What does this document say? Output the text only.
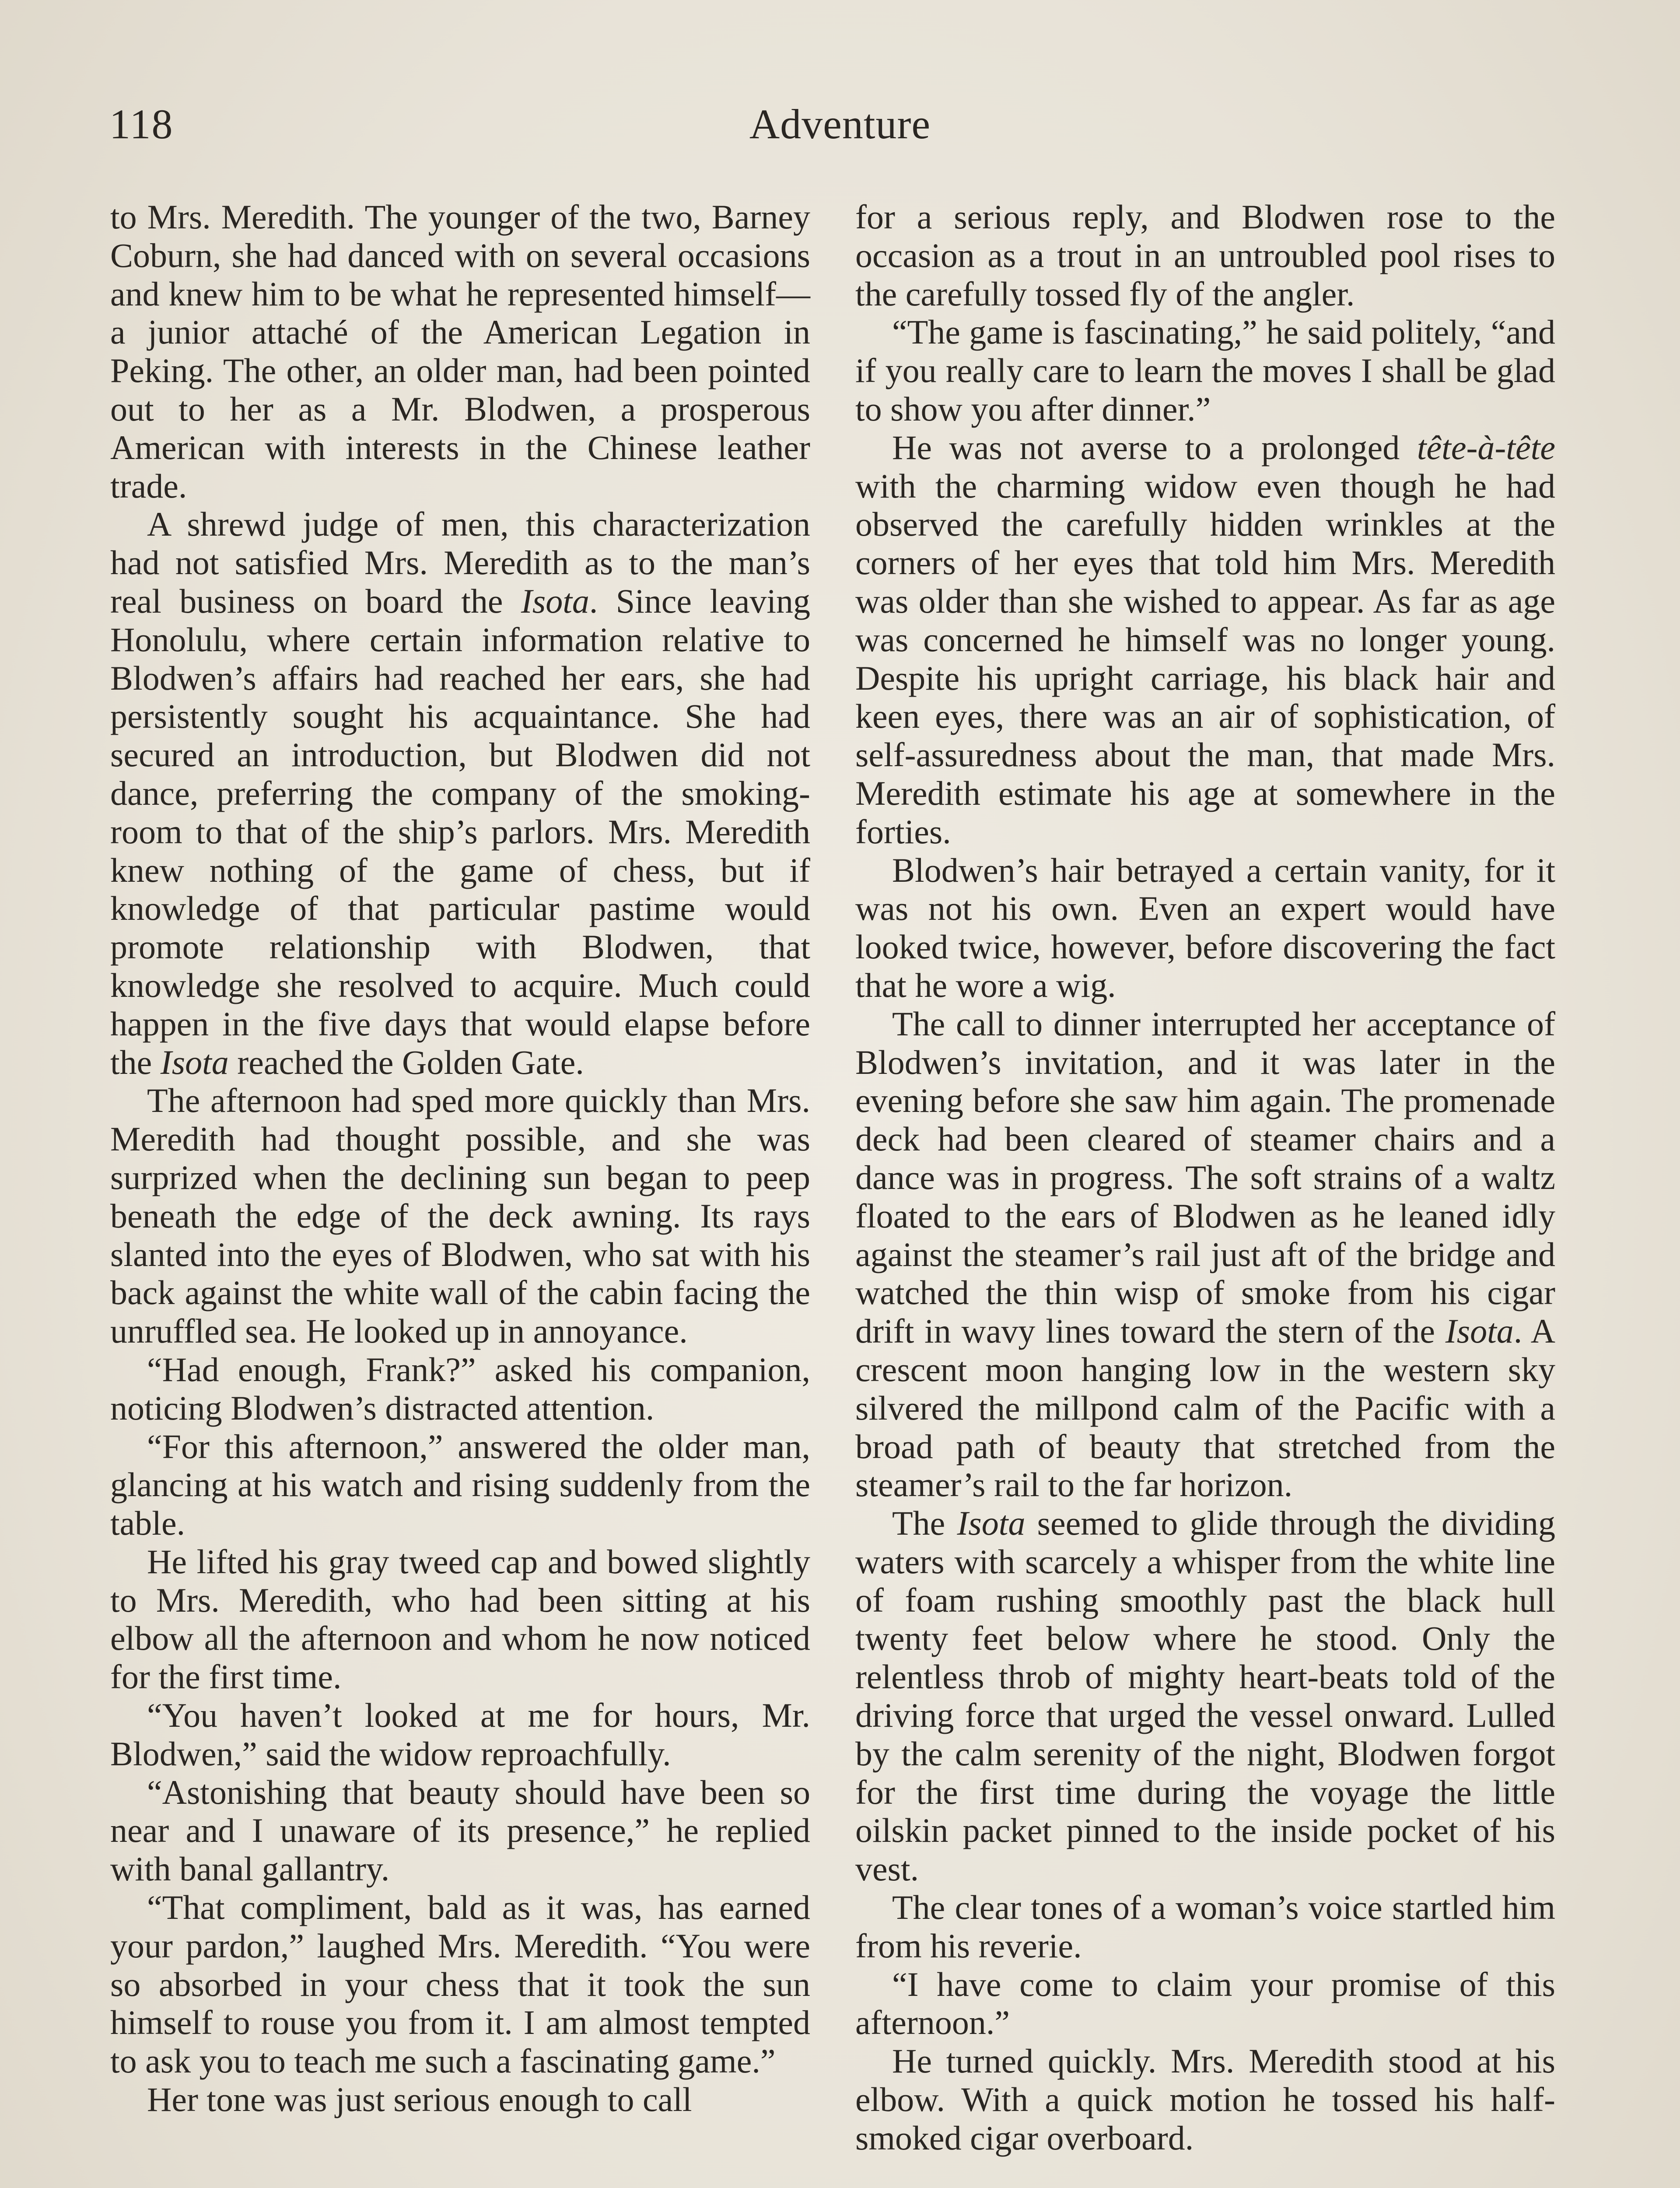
118	Adventure

to Mrs. Meredith. The younger of the two, Barney Coburn, she had danced with on several occasions and knew him to be what he represented himself—a junior attaché of the American Legation in Peking. The other, an older man, had been pointed out to her as a Mr. Blodwen, a prosperous American with interests in the Chinese leather trade.

A shrewd judge of men, this characterization had not satisfied Mrs. Meredith as to the man’s real business on board the Isota. Since leaving Honolulu, where certain information relative to Blodwen’s affairs had reached her ears, she had persistently sought his acquaintance. She had secured an introduction, but Blodwen did not dance, preferring the company of the smoking-room to that of the ship’s parlors. Mrs. Meredith knew nothing of the game of chess, but if knowledge of that particular pastime would promote relationship with Blodwen, that knowledge she resolved to acquire. Much could happen in the five days that would elapse before the Isota reached the Golden Gate.

The afternoon had sped more quickly than Mrs. Meredith had thought possible, and she was surprized when the declining sun began to peep beneath the edge of the deck awning. Its rays slanted into the eyes of Blodwen, who sat with his back against the white wall of the cabin facing the unruffled sea. He looked up in annoyance.

“Had enough, Frank?” asked his companion, noticing Blodwen’s distracted attention.

“For this afternoon,” answered the older man, glancing at his watch and rising suddenly from the table.

He lifted his gray tweed cap and bowed slightly to Mrs. Meredith, who had been sitting at his elbow all the afternoon and whom he now noticed for the first time.

“You haven’t looked at me for hours, Mr. Blodwen,” said the widow reproachfully.

“Astonishing that beauty should have been so near and I unaware of its presence,” he replied with banal gallantry.

“That compliment, bald as it was, has earned your pardon,” laughed Mrs. Meredith. “You were so absorbed in your chess that it took the sun himself to rouse you from it. I am almost tempted to ask you to teach me such a fascinating game.”

Her tone was just serious enough to call

for a serious reply, and Blodwen rose to the occasion as a trout in an untroubled pool rises to the carefully tossed fly of the angler.

“The game is fascinating,” he said politely, “and if you really care to learn the moves I shall be glad to show you after dinner.”

He was not averse to a prolonged tête-à-tête with the charming widow even though he had observed the carefully hidden wrinkles at the corners of her eyes that told him Mrs. Meredith was older than she wished to appear. As far as age was concerned he himself was no longer young. Despite his upright carriage, his black hair and keen eyes, there was an air of sophistication, of self-assuredness about the man, that made Mrs. Meredith estimate his age at somewhere in the forties.

Blodwen’s hair betrayed a certain vanity, for it was not his own. Even an expert would have looked twice, however, before discovering the fact that he wore a wig.

The call to dinner interrupted her acceptance of Blodwen’s invitation, and it was later in the evening before she saw him again. The promenade deck had been cleared of steamer chairs and a dance was in progress. The soft strains of a waltz floated to the ears of Blodwen as he leaned idly against the steamer’s rail just aft of the bridge and watched the thin wisp of smoke from his cigar drift in wavy lines toward the stern of the Isota. A crescent moon hanging low in the western sky silvered the millpond calm of the Pacific with a broad path of beauty that stretched from the steamer’s rail to the far horizon.

The Isota seemed to glide through the dividing waters with scarcely a whisper from the white line of foam rushing smoothly past the black hull twenty feet below where he stood. Only the relentless throb of mighty heart-beats told of the driving force that urged the vessel onward. Lulled by the calm serenity of the night, Blodwen forgot for the first time during the voyage the little oilskin packet pinned to the inside pocket of his vest.

The clear tones of a woman’s voice startled him from his reverie.

“I have come to claim your promise of this afternoon.”

He turned quickly. Mrs. Meredith stood at his elbow. With a quick motion he tossed his half-smoked cigar overboard.
